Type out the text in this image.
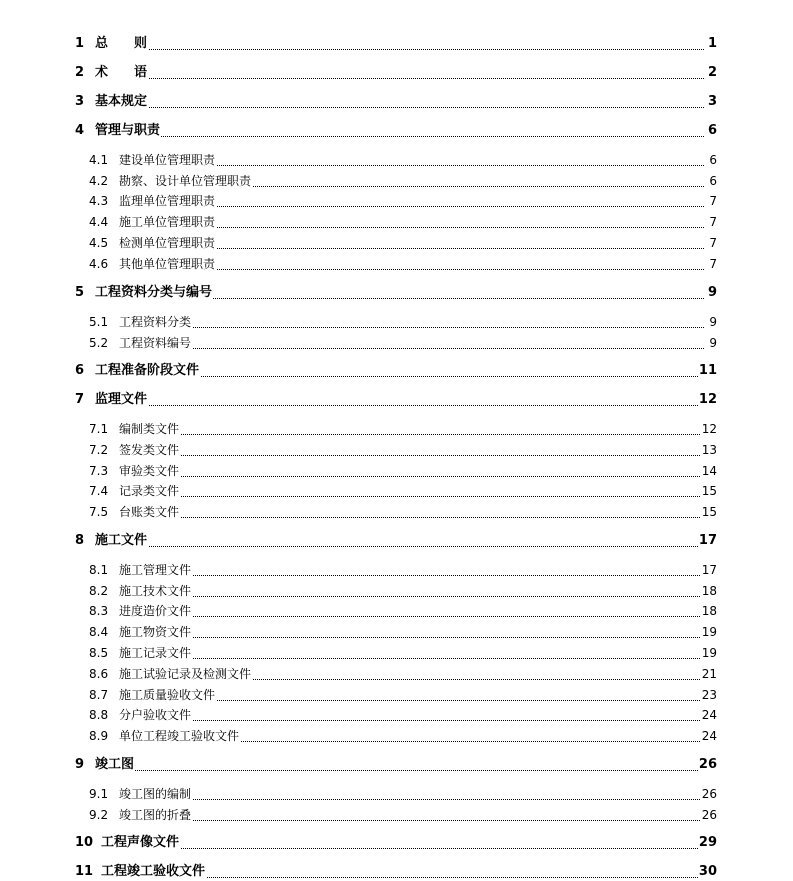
1 总　　则	1
2 术　　语	2
3 基本规定	3
4 管理与职责	6
4.1 建设单位管理职责	6
4.2 勘察、设计单位管理职责	6
4.3 监理单位管理职责	7
4.4 施工单位管理职责	7
4.5 检测单位管理职责	7
4.6 其他单位管理职责	7
5 工程资料分类与编号	9
5.1 工程资料分类	9
5.2 工程资料编号	9
6 工程准备阶段文件	11
7 监理文件	12
7.1 编制类文件	12
7.2 签发类文件	13
7.3 审验类文件	14
7.4 记录类文件	15
7.5 台账类文件	15
8 施工文件	17
8.1 施工管理文件	17
8.2 施工技术文件	18
8.3 进度造价文件	18
8.4 施工物资文件	19
8.5 施工记录文件	19
8.6 施工试验记录及检测文件	21
8.7 施工质量验收文件	23
8.8 分户验收文件	24
8.9 单位工程竣工验收文件	24
9 竣工图	26
9.1 竣工图的编制	26
9.2 竣工图的折叠	26
10 工程声像文件	29
11 工程竣工验收文件	30
